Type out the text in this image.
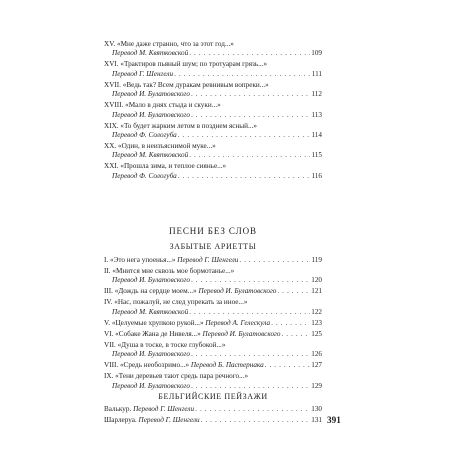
XV. «Мне даже странно, что за этот год...»
Перевод М. Квятковской . . .	109
XVI. «Трактиров пьяный шум; по тротуарам грязь...»
Перевод Г. Шенгели . . .	111
XVII. «Ведь так? Всем дуракам ревнивым вопреки...»
Перевод И. Булатовского . . .	112
XVIII. «Мало в днях стыда и скуки...»
Перевод И. Булатовского . . .	113
XIX. «То будет жарким летом в позднем ясный...»
Перевод Ф. Сологуба . . .	114
XX. «Один, в неизъяснимой муке...»
Перевод М. Квятковской . . .	115
XXI. «Прошла зима, и теплое сиянье...»
Перевод Ф. Сологуба . . .	116
ПЕСНИ БЕЗ СЛОВ
ЗАБЫТЫЕ АРИЕТТЫ
I. «Это нега упоенья...» Перевод Г. Шенгели . . .	119
II. «Мнится мне сквозь мое бормотанье...»
Перевод И. Булатовского . . .	120
III. «Дождь на сердце моем...» Перевод И. Булатовского . . .	121
IV. «Нас, пожалуй, не след упрекать за иное...»
Перевод М. Квятковской . . .	122
V. «Целуемые хрупкою рукой...» Перевод А. Гелескула . . .	123
VI. «Собаке Жана де Нивеля...» Перевод И. Булатовского . . .	125
VII. «Душа в тоске, в тоске глубокой...»
Перевод И. Булатовского . . .	126
VIII. «Средь необозримо...» Перевод Б. Пастернака . . .	127
IX. «Тени деревьев тают средь пара речного...»
Перевод И. Булатовского . . .	129
БЕЛЬГИЙСКИЕ ПЕЙЗАЖИ
Валькур. Перевод Г. Шенгели . . .	130
Шарлеруа. Перевод Г. Шенгели . . .	131 391
